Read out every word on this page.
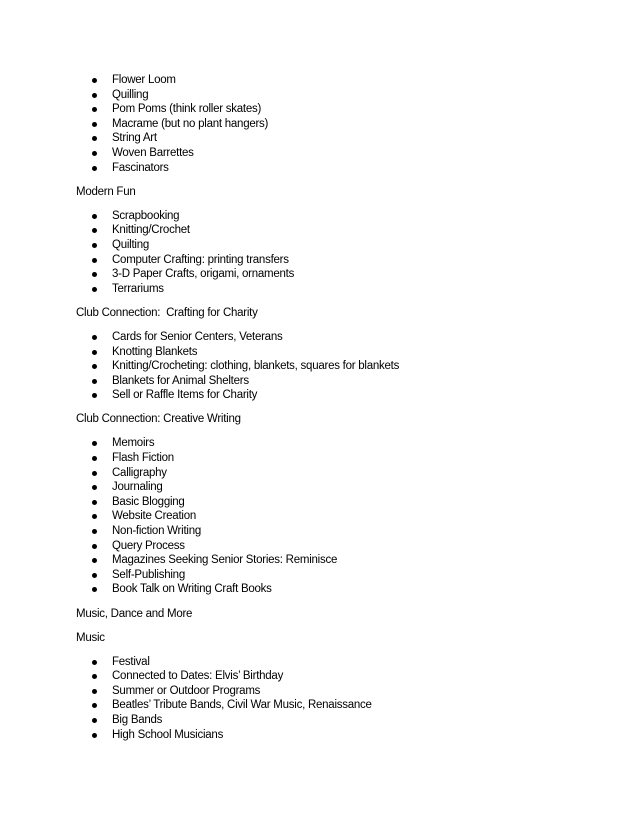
Flower Loom
Quilling
Pom Poms (think roller skates)
Macrame (but no plant hangers)
String Art
Woven Barrettes
Fascinators

Modern Fun

Scrapbooking
Knitting/Crochet
Quilting
Computer Crafting: printing transfers
3-D Paper Crafts, origami, ornaments
Terrariums

Club Connection:  Crafting for Charity

Cards for Senior Centers, Veterans
Knotting Blankets
Knitting/Crocheting: clothing, blankets, squares for blankets
Blankets for Animal Shelters
Sell or Raffle Items for Charity

Club Connection: Creative Writing

Memoirs
Flash Fiction
Calligraphy
Journaling
Basic Blogging
Website Creation
Non-fiction Writing
Query Process
Magazines Seeking Senior Stories: Reminisce
Self-Publishing
Book Talk on Writing Craft Books

Music, Dance and More

Music

Festival
Connected to Dates: Elvis’ Birthday
Summer or Outdoor Programs
Beatles’ Tribute Bands, Civil War Music, Renaissance
Big Bands
High School Musicians
